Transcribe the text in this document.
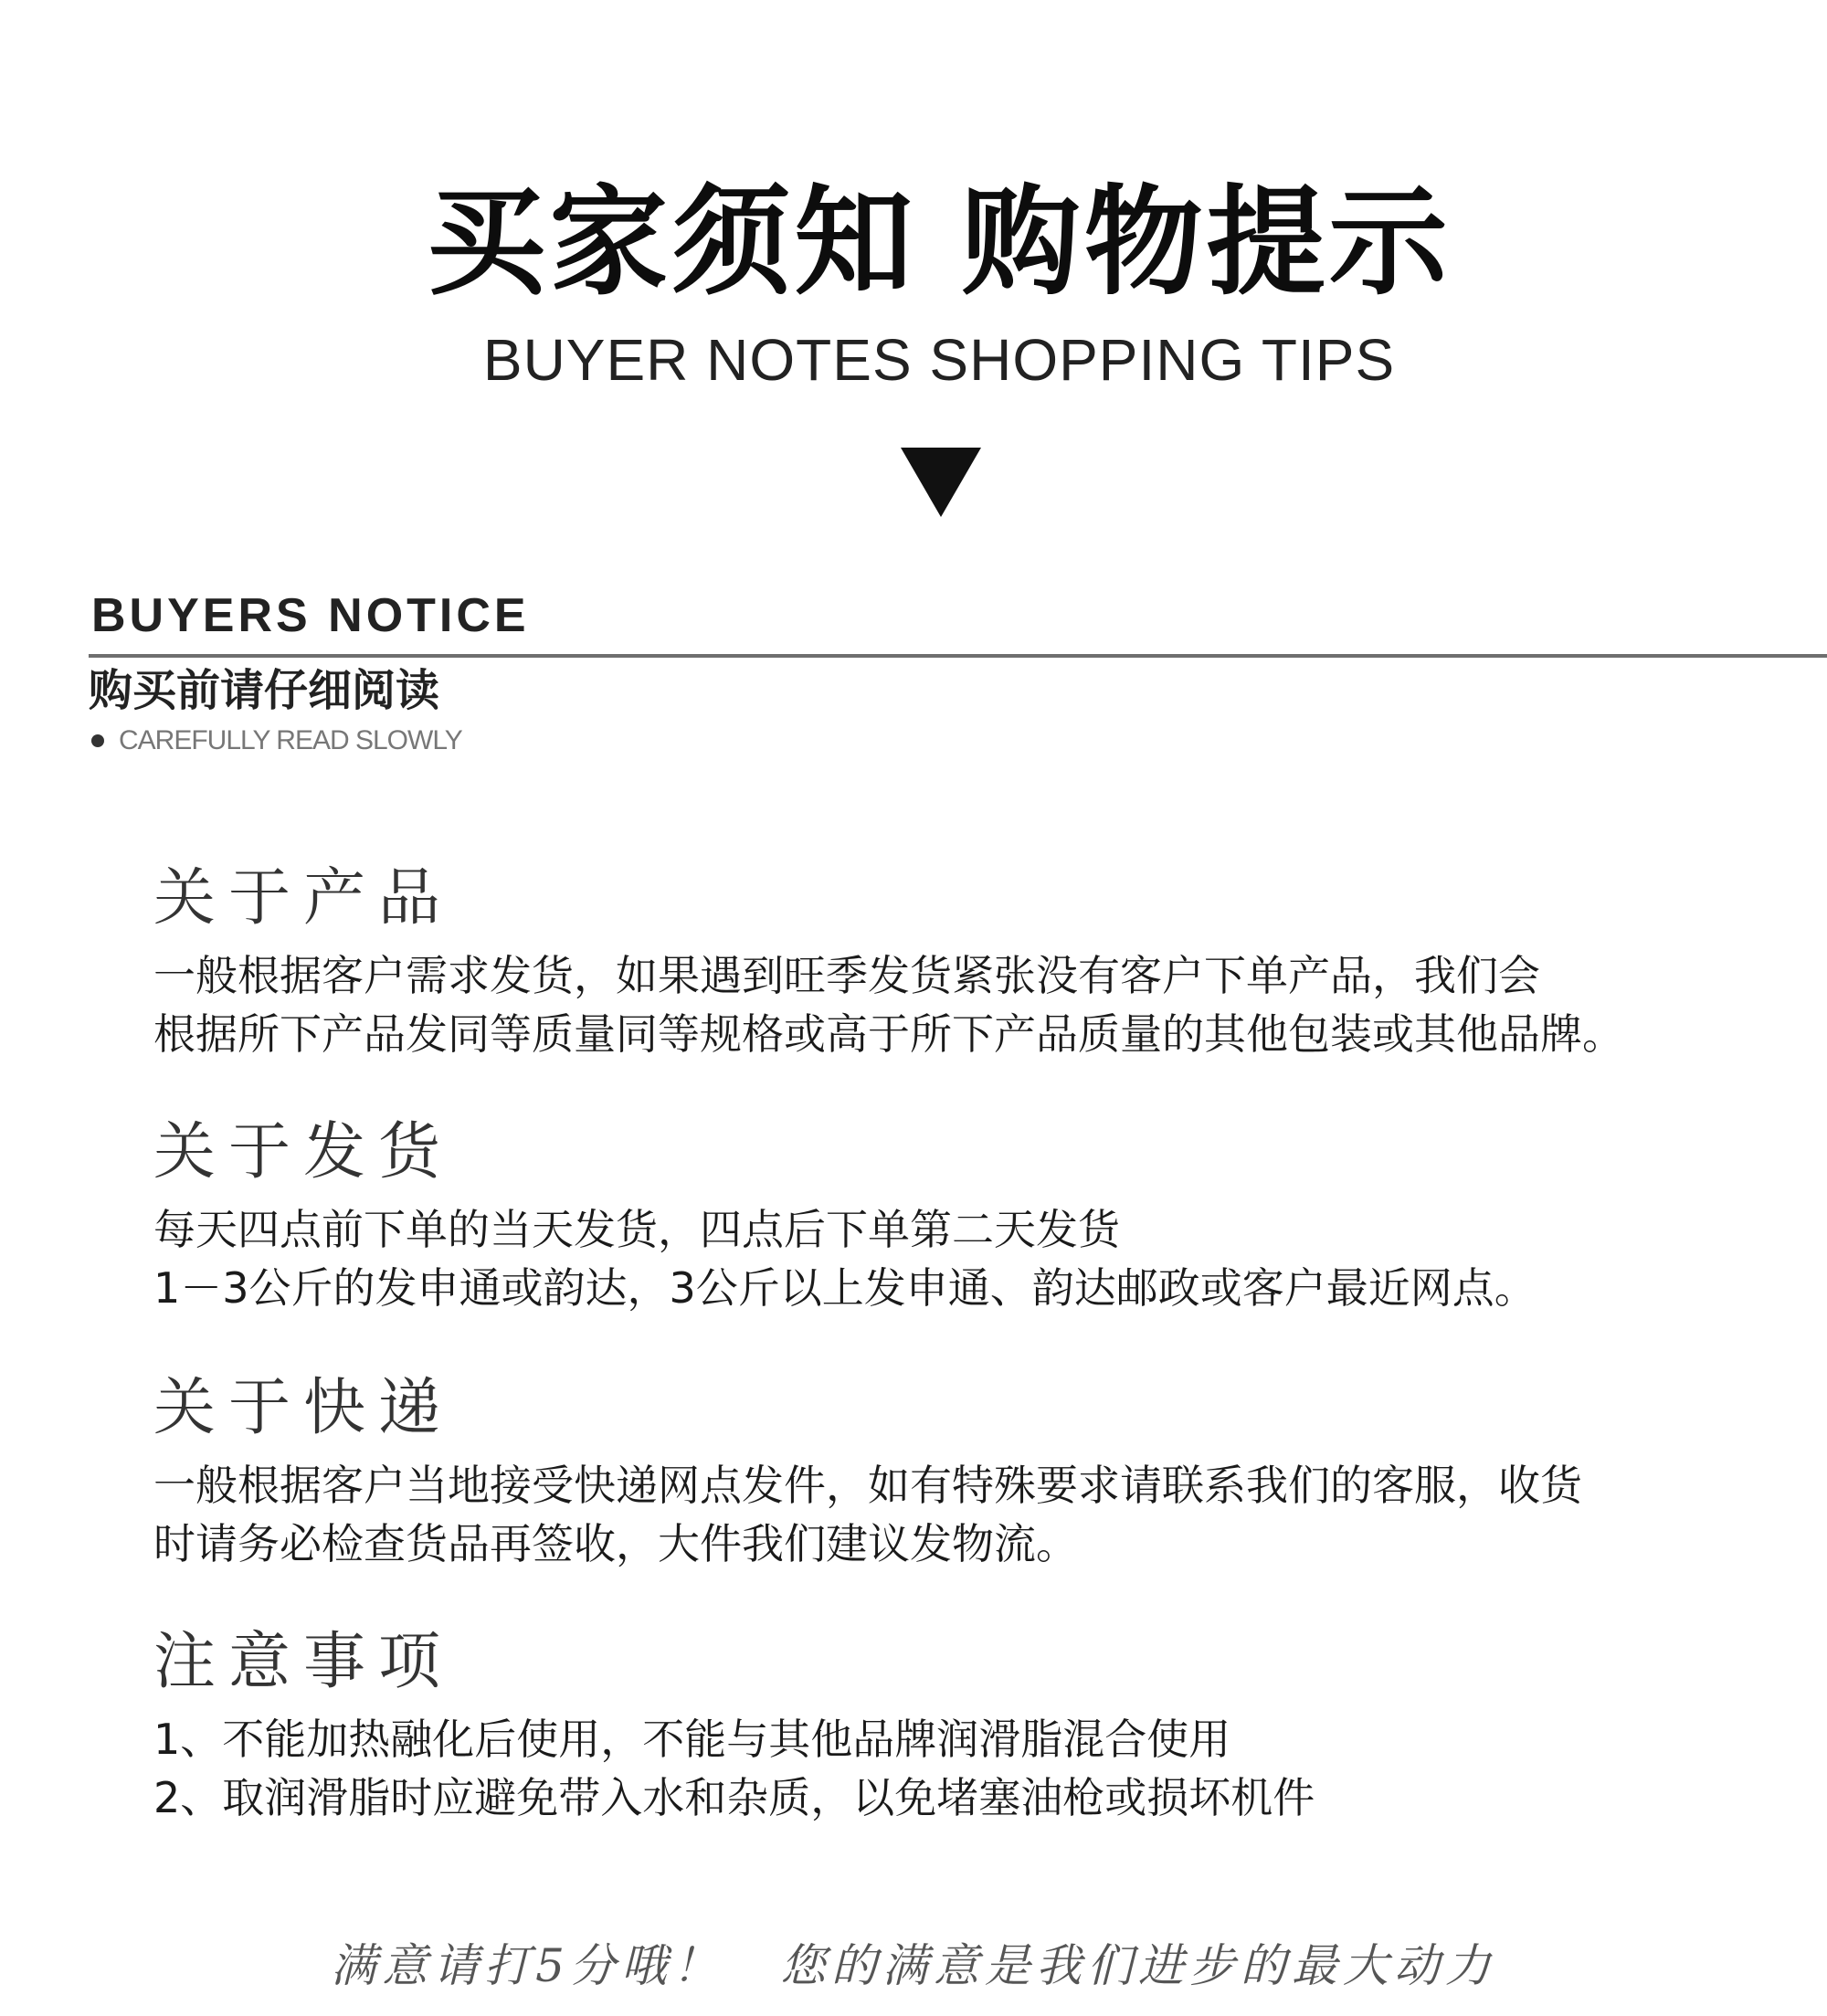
买家须知 购物提示
BUYER NOTES SHOPPING TIPS
BUYERS NOTICE
购买前请仔细阅读
CAREFULLY READ SLOWLY
关于产品
一般根据客户需求发货，如果遇到旺季发货紧张没有客户下单产品，我们会
根据所下产品发同等质量同等规格或高于所下产品质量的其他包装或其他品牌。
关于发货
每天四点前下单的当天发货，四点后下单第二天发货
1－3公斤的发申通或韵达，3公斤以上发申通、韵达邮政或客户最近网点。
关于快递
一般根据客户当地接受快递网点发件，如有特殊要求请联系我们的客服，收货
时请务必检查货品再签收，大件我们建议发物流。
注意事项
1、不能加热融化后使用，不能与其他品牌润滑脂混合使用
2、取润滑脂时应避免带入水和杂质，以免堵塞油枪或损坏机件
满意请打5分哦！ 您的满意是我们进步的最大动力
